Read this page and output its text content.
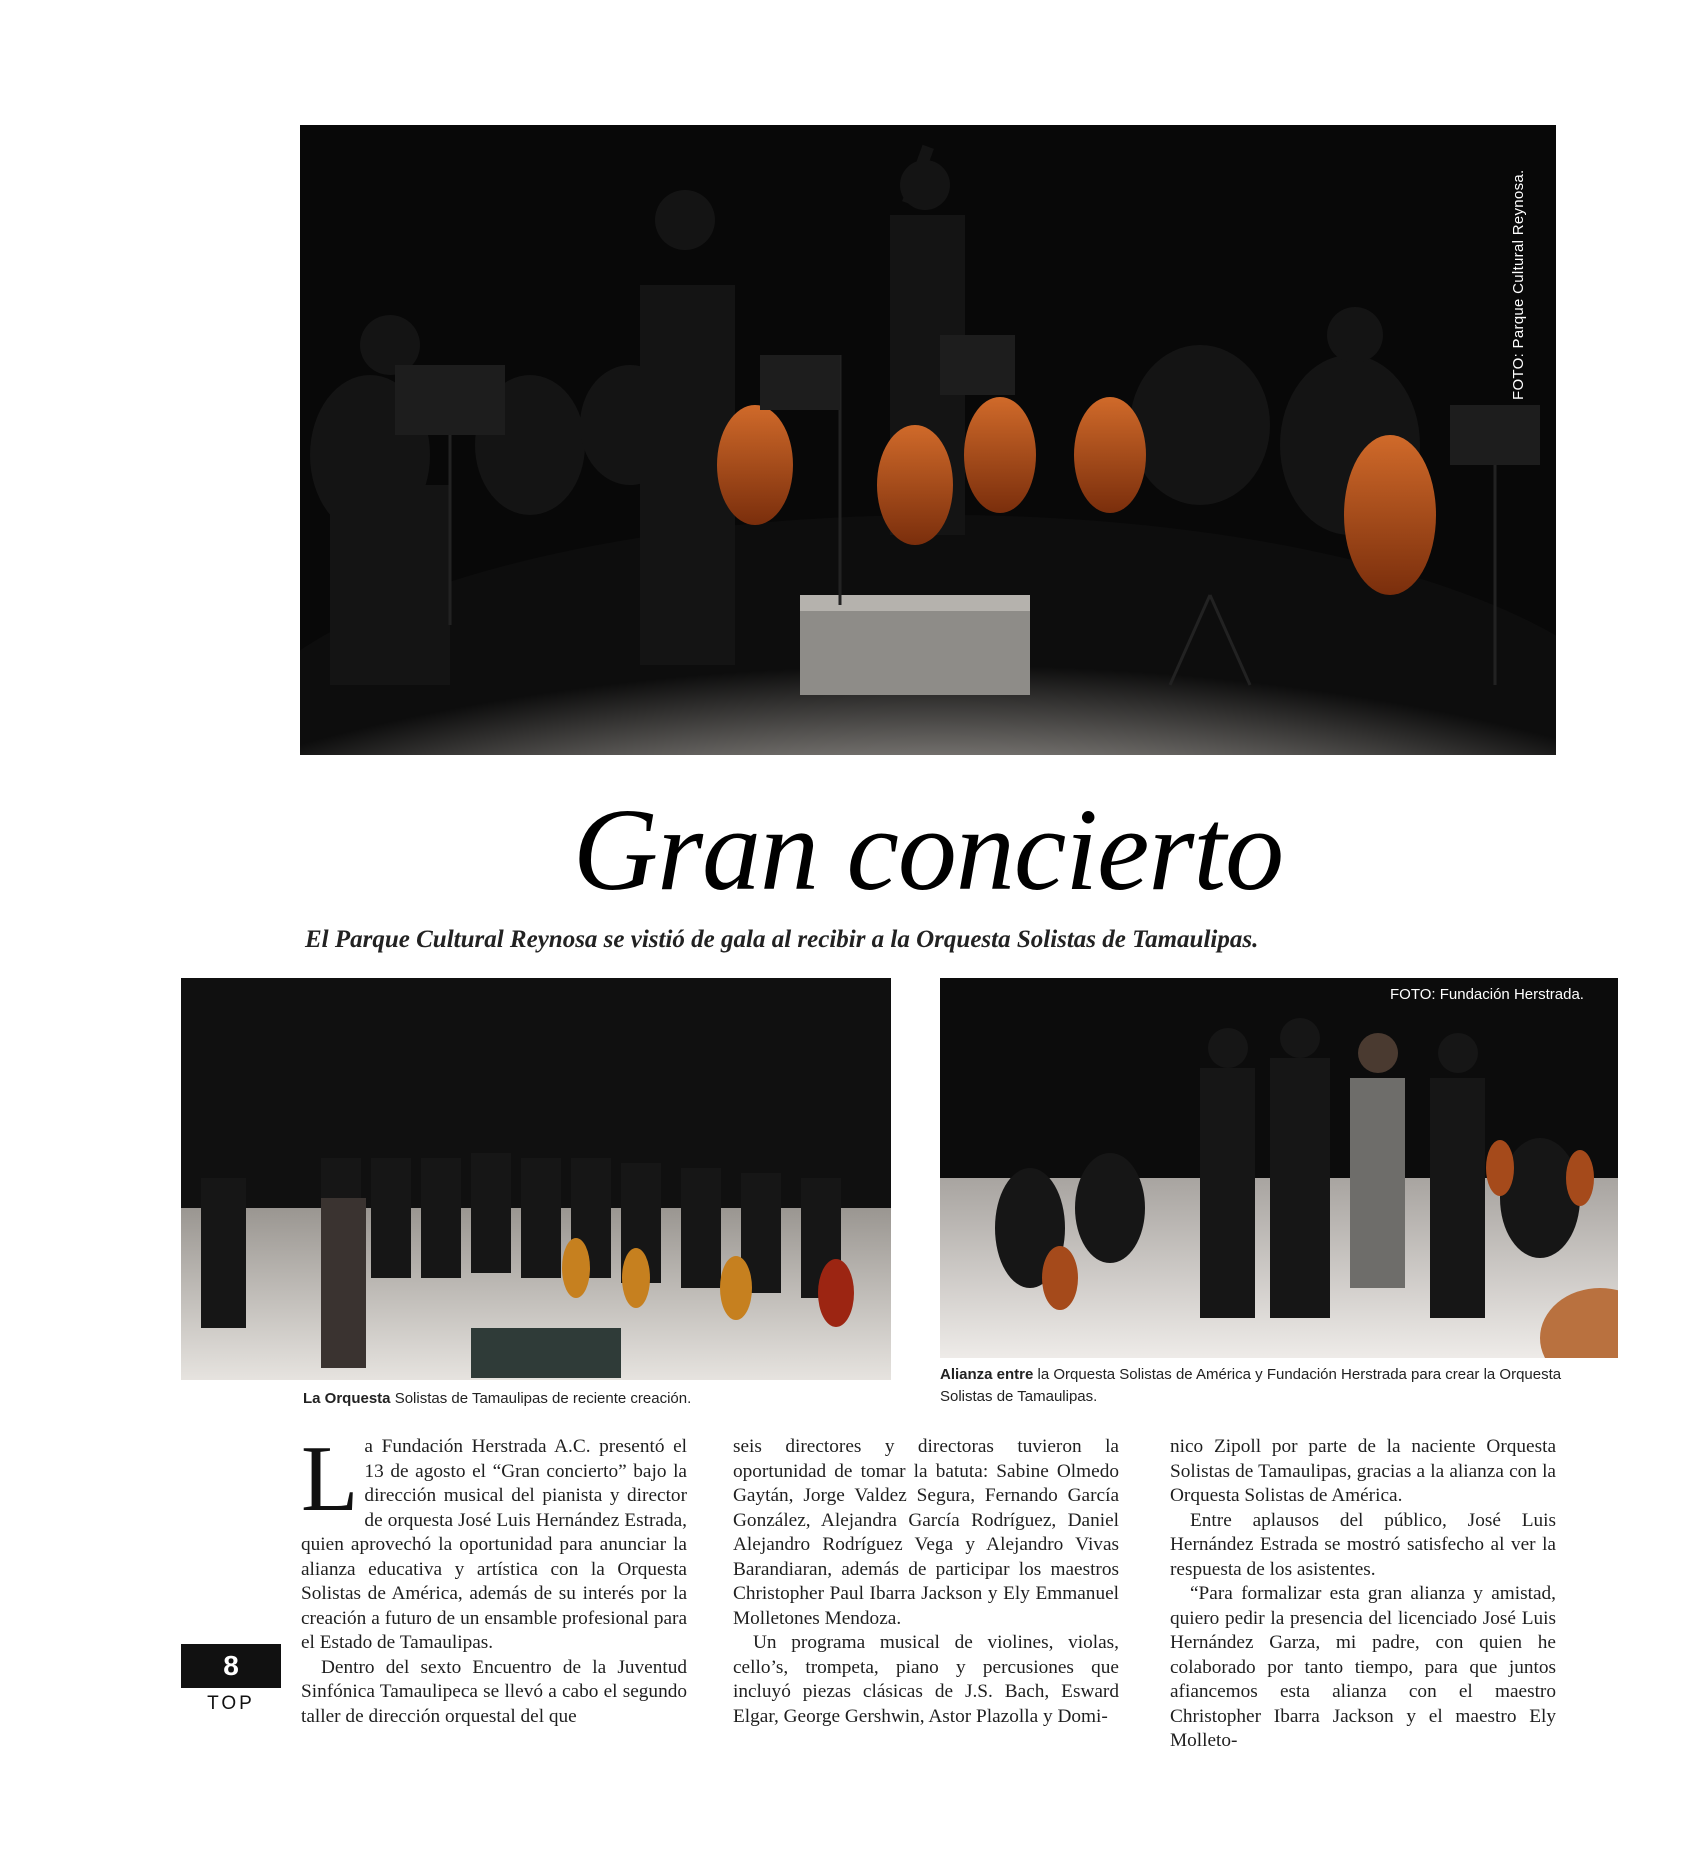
FOTO: Parque Cultural Reynosa.
Gran concierto

El Parque Cultural Reynosa se vistió de gala al recibir a la Orquesta Solistas de Tamaulipas.

FOTO: Fundación Herstrada.
La Orquesta Solistas de Tamaulipas de reciente creación.
Alianza entre la Orquesta Solistas de América y Fundación Herstrada para crear la Orquesta Solistas de Tamaulipas.

La Fundación Herstrada A.C. presentó el 13 de agosto el “Gran concierto” bajo la dirección musical del pianista y director de orquesta José Luis Hernández Estrada, quien aprovechó la oportunidad para anunciar la alianza educativa y artística con la Orquesta Solistas de América, además de su interés por la creación a futuro de un ensamble profesional para el Estado de Tamaulipas.

Dentro del sexto Encuentro de la Juventud Sinfónica Tamaulipeca se llevó a cabo el segundo taller de dirección orquestal del que

seis directores y directoras tuvieron la oportunidad de tomar la batuta: Sabine Olmedo Gaytán, Jorge Valdez Segura, Fernando García González, Alejandra García Rodríguez, Daniel Alejandro Rodríguez Vega y Alejandro Vivas Barandiaran, además de participar los maestros Christopher Paul Ibarra Jackson y Ely Emmanuel Molletones Mendoza.

Un programa musical de violines, violas, cello’s, trompeta, piano y percusiones que incluyó piezas clásicas de J.S. Bach, Esward Elgar, George Gershwin, Astor Plazolla y Domi-

nico Zipoll por parte de la naciente Orquesta Solistas de Tamaulipas, gracias a la alianza con la Orquesta Solistas de América.

Entre aplausos del público, José Luis Hernández Estrada se mostró satisfecho al ver la respuesta de los asistentes.

“Para formalizar esta gran alianza y amistad, quiero pedir la presencia del licenciado José Luis Hernández Garza, mi padre, con quien he colaborado por tanto tiempo, para que juntos afiancemos esta alianza con el maestro Christopher Ibarra Jackson y el maestro Ely Molleto-

8
TOP
